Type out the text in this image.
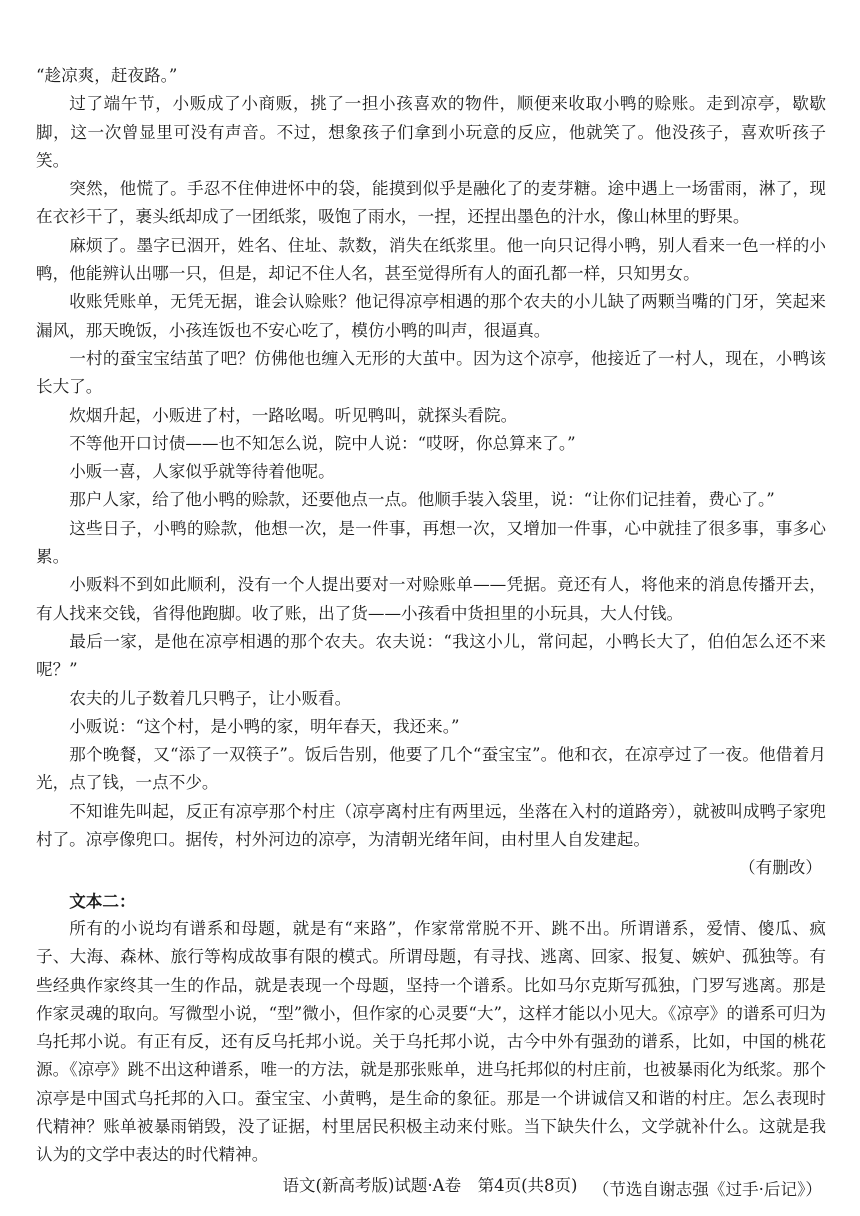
“趁凉爽，赶夜路。”

过了端午节，小贩成了小商贩，挑了一担小孩喜欢的物件，顺便来收取小鸭的赊账。走到凉亭，歇歇脚，这一次曾显里可没有声音。不过，想象孩子们拿到小玩意的反应，他就笑了。他没孩子，喜欢听孩子笑。

突然，他慌了。手忍不住伸进怀中的袋，能摸到似乎是融化了的麦芽糖。途中遇上一场雷雨，淋了，现在衣衫干了，裹头纸却成了一团纸浆，吸饱了雨水，一捏，还捏出墨色的汁水，像山林里的野果。

麻烦了。墨字已洇开，姓名、住址、款数，消失在纸浆里。他一向只记得小鸭，别人看来一色一样的小鸭，他能辨认出哪一只，但是，却记不住人名，甚至觉得所有人的面孔都一样，只知男女。

收账凭账单，无凭无据，谁会认赊账？他记得凉亭相遇的那个农夫的小儿缺了两颗当嘴的门牙，笑起来漏风，那天晚饭，小孩连饭也不安心吃了，模仿小鸭的叫声，很逼真。

一村的蚕宝宝结茧了吧？仿佛他也缠入无形的大茧中。因为这个凉亭，他接近了一村人，现在，小鸭该长大了。

炊烟升起，小贩进了村，一路吆喝。听见鸭叫，就探头看院。

不等他开口讨债——也不知怎么说，院中人说：“哎呀，你总算来了。”

小贩一喜，人家似乎就等待着他呢。

那户人家，给了他小鸭的赊款，还要他点一点。他顺手装入袋里，说：“让你们记挂着，费心了。”

这些日子，小鸭的赊款，他想一次，是一件事，再想一次，又增加一件事，心中就挂了很多事，事多心累。

小贩料不到如此顺利，没有一个人提出要对一对赊账单——凭据。竟还有人，将他来的消息传播开去，有人找来交钱，省得他跑脚。收了账，出了货——小孩看中货担里的小玩具，大人付钱。

最后一家，是他在凉亭相遇的那个农夫。农夫说：“我这小儿，常问起，小鸭长大了，伯伯怎么还不来呢？”

农夫的儿子数着几只鸭子，让小贩看。

小贩说：“这个村，是小鸭的家，明年春天，我还来。”

那个晚餐，又“添了一双筷子”。饭后告别，他要了几个“蚕宝宝”。他和衣，在凉亭过了一夜。他借着月光，点了钱，一点不少。

不知谁先叫起，反正有凉亭那个村庄（凉亭离村庄有两里远，坐落在入村的道路旁），就被叫成鸭子家兜村了。凉亭像兜口。据传，村外河边的凉亭，为清朝光绪年间，由村里人自发建起。

（有删改）

文本二：

所有的小说均有谱系和母题，就是有“来路”，作家常常脱不开、跳不出。所谓谱系，爱情、傻瓜、疯子、大海、森林、旅行等构成故事有限的模式。所谓母题，有寻找、逃离、回家、报复、嫉妒、孤独等。有些经典作家终其一生的作品，就是表现一个母题，坚持一个谱系。比如马尔克斯写孤独，门罗写逃离。那是作家灵魂的取向。写微型小说，“型”微小，但作家的心灵要“大”，这样才能以小见大。《凉亭》的谱系可归为乌托邦小说。有正有反，还有反乌托邦小说。关于乌托邦小说，古今中外有强劲的谱系，比如，中国的桃花源。《凉亭》跳不出这种谱系，唯一的方法，就是那张账单，进乌托邦似的村庄前，也被暴雨化为纸浆。那个凉亭是中国式乌托邦的入口。蚕宝宝、小黄鸭，是生命的象征。那是一个讲诚信又和谐的村庄。怎么表现时代精神？账单被暴雨销毁，没了证据，村里居民积极主动来付账。当下缺失什么，文学就补什么。这就是我认为的文学中表达的时代精神。

（节选自谢志强《过手·后记》）

语文(新高考版)试题·A卷　第4页(共8页)
